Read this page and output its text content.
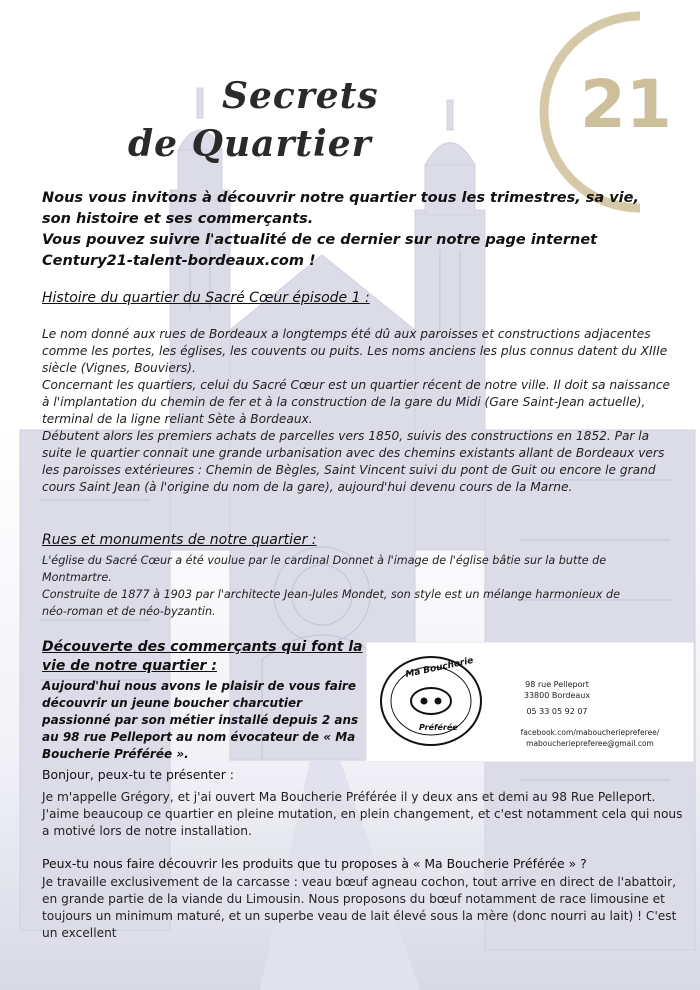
21
Secrets
de Quartier
Nous vous invitons à découvrir notre quartier tous les trimestres, sa vie, son histoire et ses commerçants.
Vous pouvez suivre l'actualité de ce dernier sur notre page internet Century21-talent-bordeaux.com !
Histoire du quartier du Sacré Cœur épisode 1 :
Le nom donné aux rues de Bordeaux a longtemps été dû aux paroisses et constructions adjacentes comme les portes, les églises, les couvents ou puits. Les noms anciens les plus connus datent du XIIIe siècle (Vignes, Bouviers).
Concernant les quartiers, celui du Sacré Cœur est un quartier récent de notre ville. Il doit sa naissance à l'implantation du chemin de fer et à la construction de la gare du Midi (Gare Saint-Jean actuelle), terminal de la ligne reliant Sète à Bordeaux.
Débutent alors les premiers achats de parcelles vers 1850, suivis des constructions en 1852. Par la suite le quartier connait une grande urbanisation avec des chemins existants allant de Bordeaux vers les paroisses extérieures : Chemin de Bègles, Saint Vincent suivi du pont de Guit ou encore le grand cours Saint Jean (à l'origine du nom de la gare), aujourd'hui devenu cours de la Marne.
Rues et monuments de notre quartier :
L'église du Sacré Cœur a été voulue par le cardinal Donnet à l'image de l'église bâtie sur la butte de Montmartre.
Construite de 1877 à 1903 par l'architecte Jean-Jules Mondet, son style est un mélange harmonieux de néo-roman et de néo-byzantin.
Découverte des commerçants qui font la vie de notre quartier :
Aujourd'hui nous avons le plaisir de vous faire découvrir un jeune boucher charcutier passionné par son métier installé depuis 2 ans au 98 rue Pelleport au nom évocateur de « Ma Boucherie Préférée ».
Ma Boucherie
Préférée
98 rue Pelleport
33800 Bordeaux
05 33 05 92 07
facebook.com/maboucheriepreferee/
maboucheriepreferee@gmail.com
Bonjour, peux-tu te présenter :
Je m'appelle Grégory, et j'ai ouvert Ma Boucherie Préférée il y deux ans et demi au 98 Rue Pelleport. J'aime beaucoup ce quartier en pleine mutation, en plein changement, et c'est notamment cela qui nous a motivé lors de notre installation.
Peux-tu nous faire découvrir les produits que tu proposes à « Ma Boucherie Préférée » ?
Je travaille exclusivement de la carcasse : veau bœuf agneau cochon, tout arrive en direct de l'abattoir, en grande partie de la viande du Limousin. Nous proposons du bœuf notamment de race limousine et toujours un minimum maturé, et un superbe veau de lait élevé sous la mère (donc nourri au lait) ! C'est un excellent
